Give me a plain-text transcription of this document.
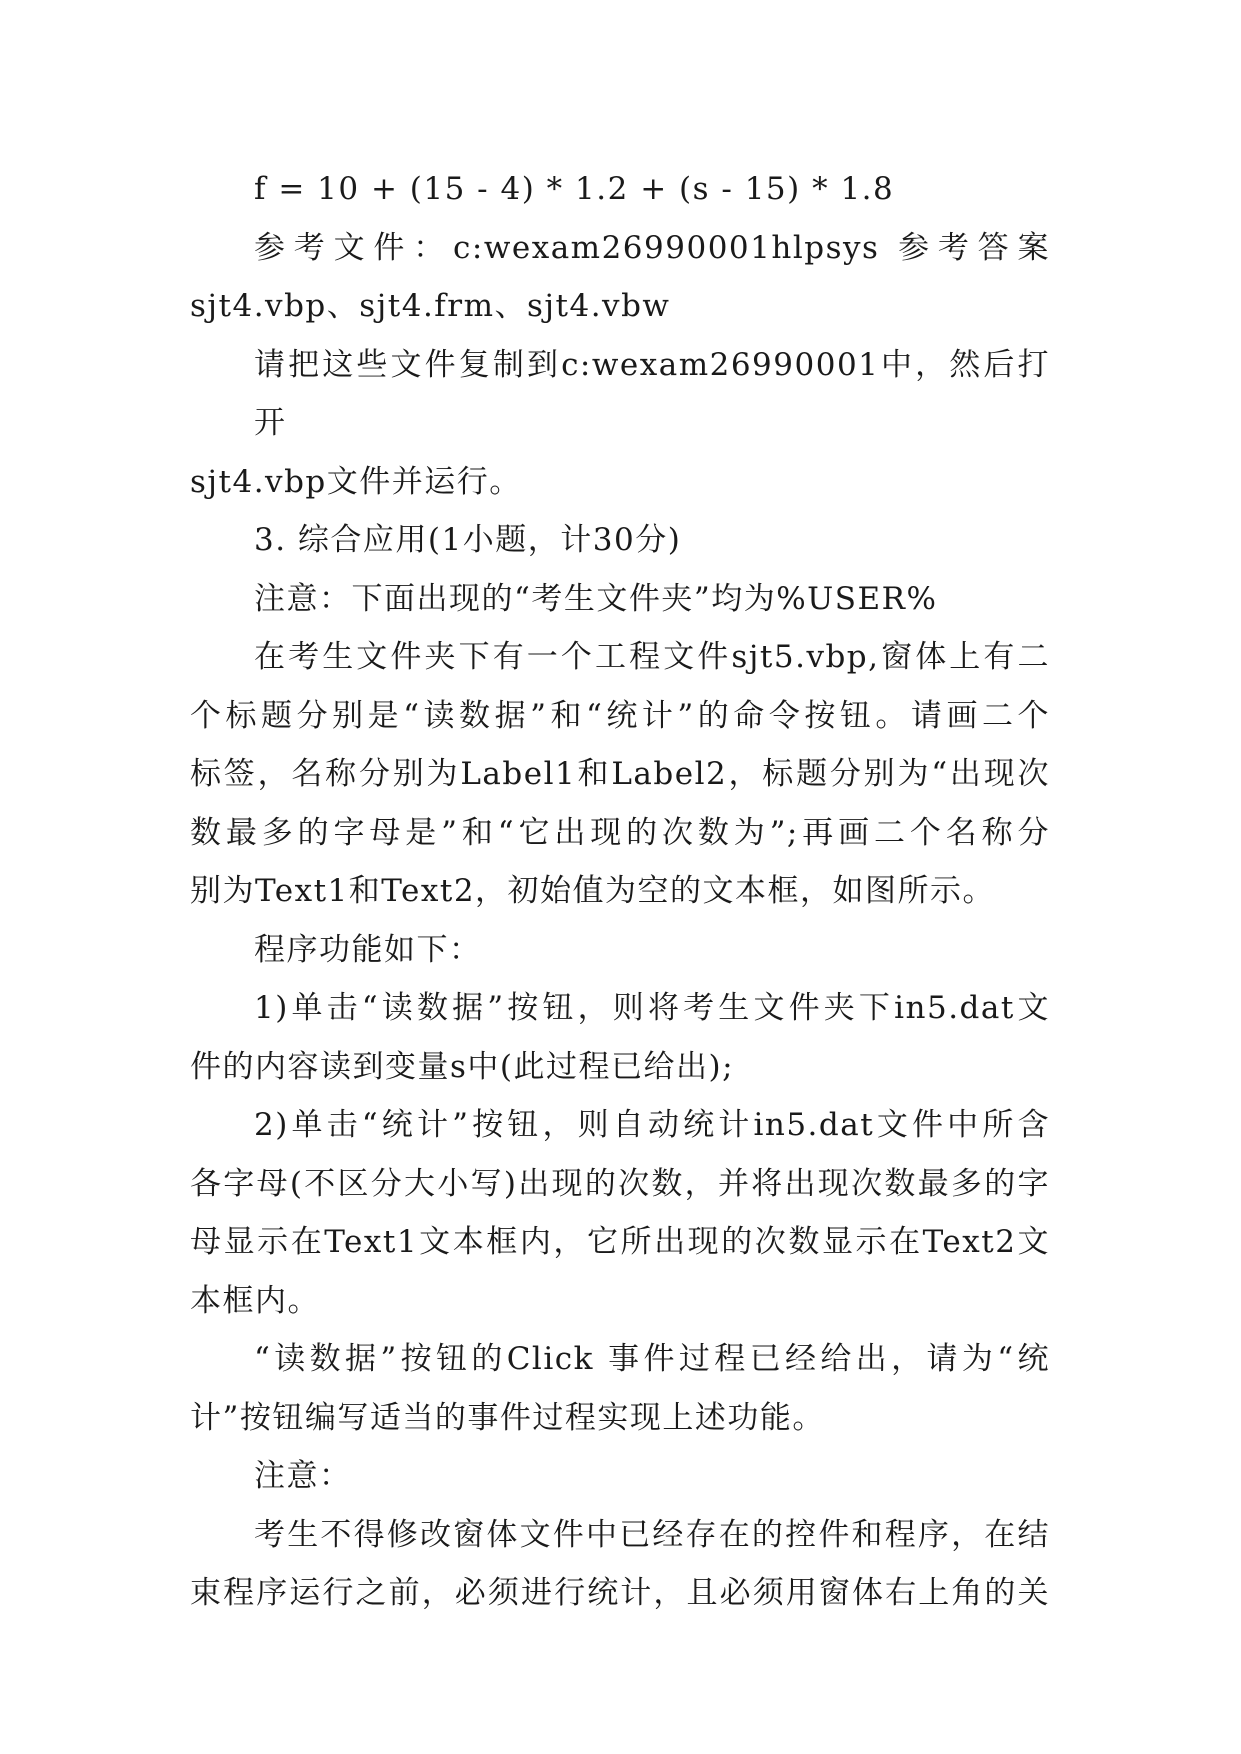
f = 10 + (15 - 4) * 1.2 + (s - 15) * 1.8
参考文件：c:wexam26990001hlpsys 参考答案
sjt4.vbp、sjt4.frm、sjt4.vbw
请把这些文件复制到c:wexam26990001中，然后打开
sjt4.vbp文件并运行。
3. 综合应用(1小题，计30分)
注意：下面出现的“考生文件夹”均为%USER%
在考生文件夹下有一个工程文件sjt5.vbp,窗体上有二
个标题分别是“读数据”和“统计”的命令按钮。请画二个
标签，名称分别为Label1和Label2，标题分别为“出现次
数最多的字母是”和“它出现的次数为”;再画二个名称分
别为Text1和Text2，初始值为空的文本框，如图所示。
程序功能如下：
1)单击“读数据”按钮，则将考生文件夹下in5.dat文
件的内容读到变量s中(此过程已给出);
2)单击“统计”按钮，则自动统计in5.dat文件中所含
各字母(不区分大小写)出现的次数，并将出现次数最多的字
母显示在Text1文本框内，它所出现的次数显示在Text2文
本框内。
“读数据”按钮的Click 事件过程已经给出，请为“统
计”按钮编写适当的事件过程实现上述功能。
注意：
考生不得修改窗体文件中已经存在的控件和程序，在结
束程序运行之前，必须进行统计，且必须用窗体右上角的关
